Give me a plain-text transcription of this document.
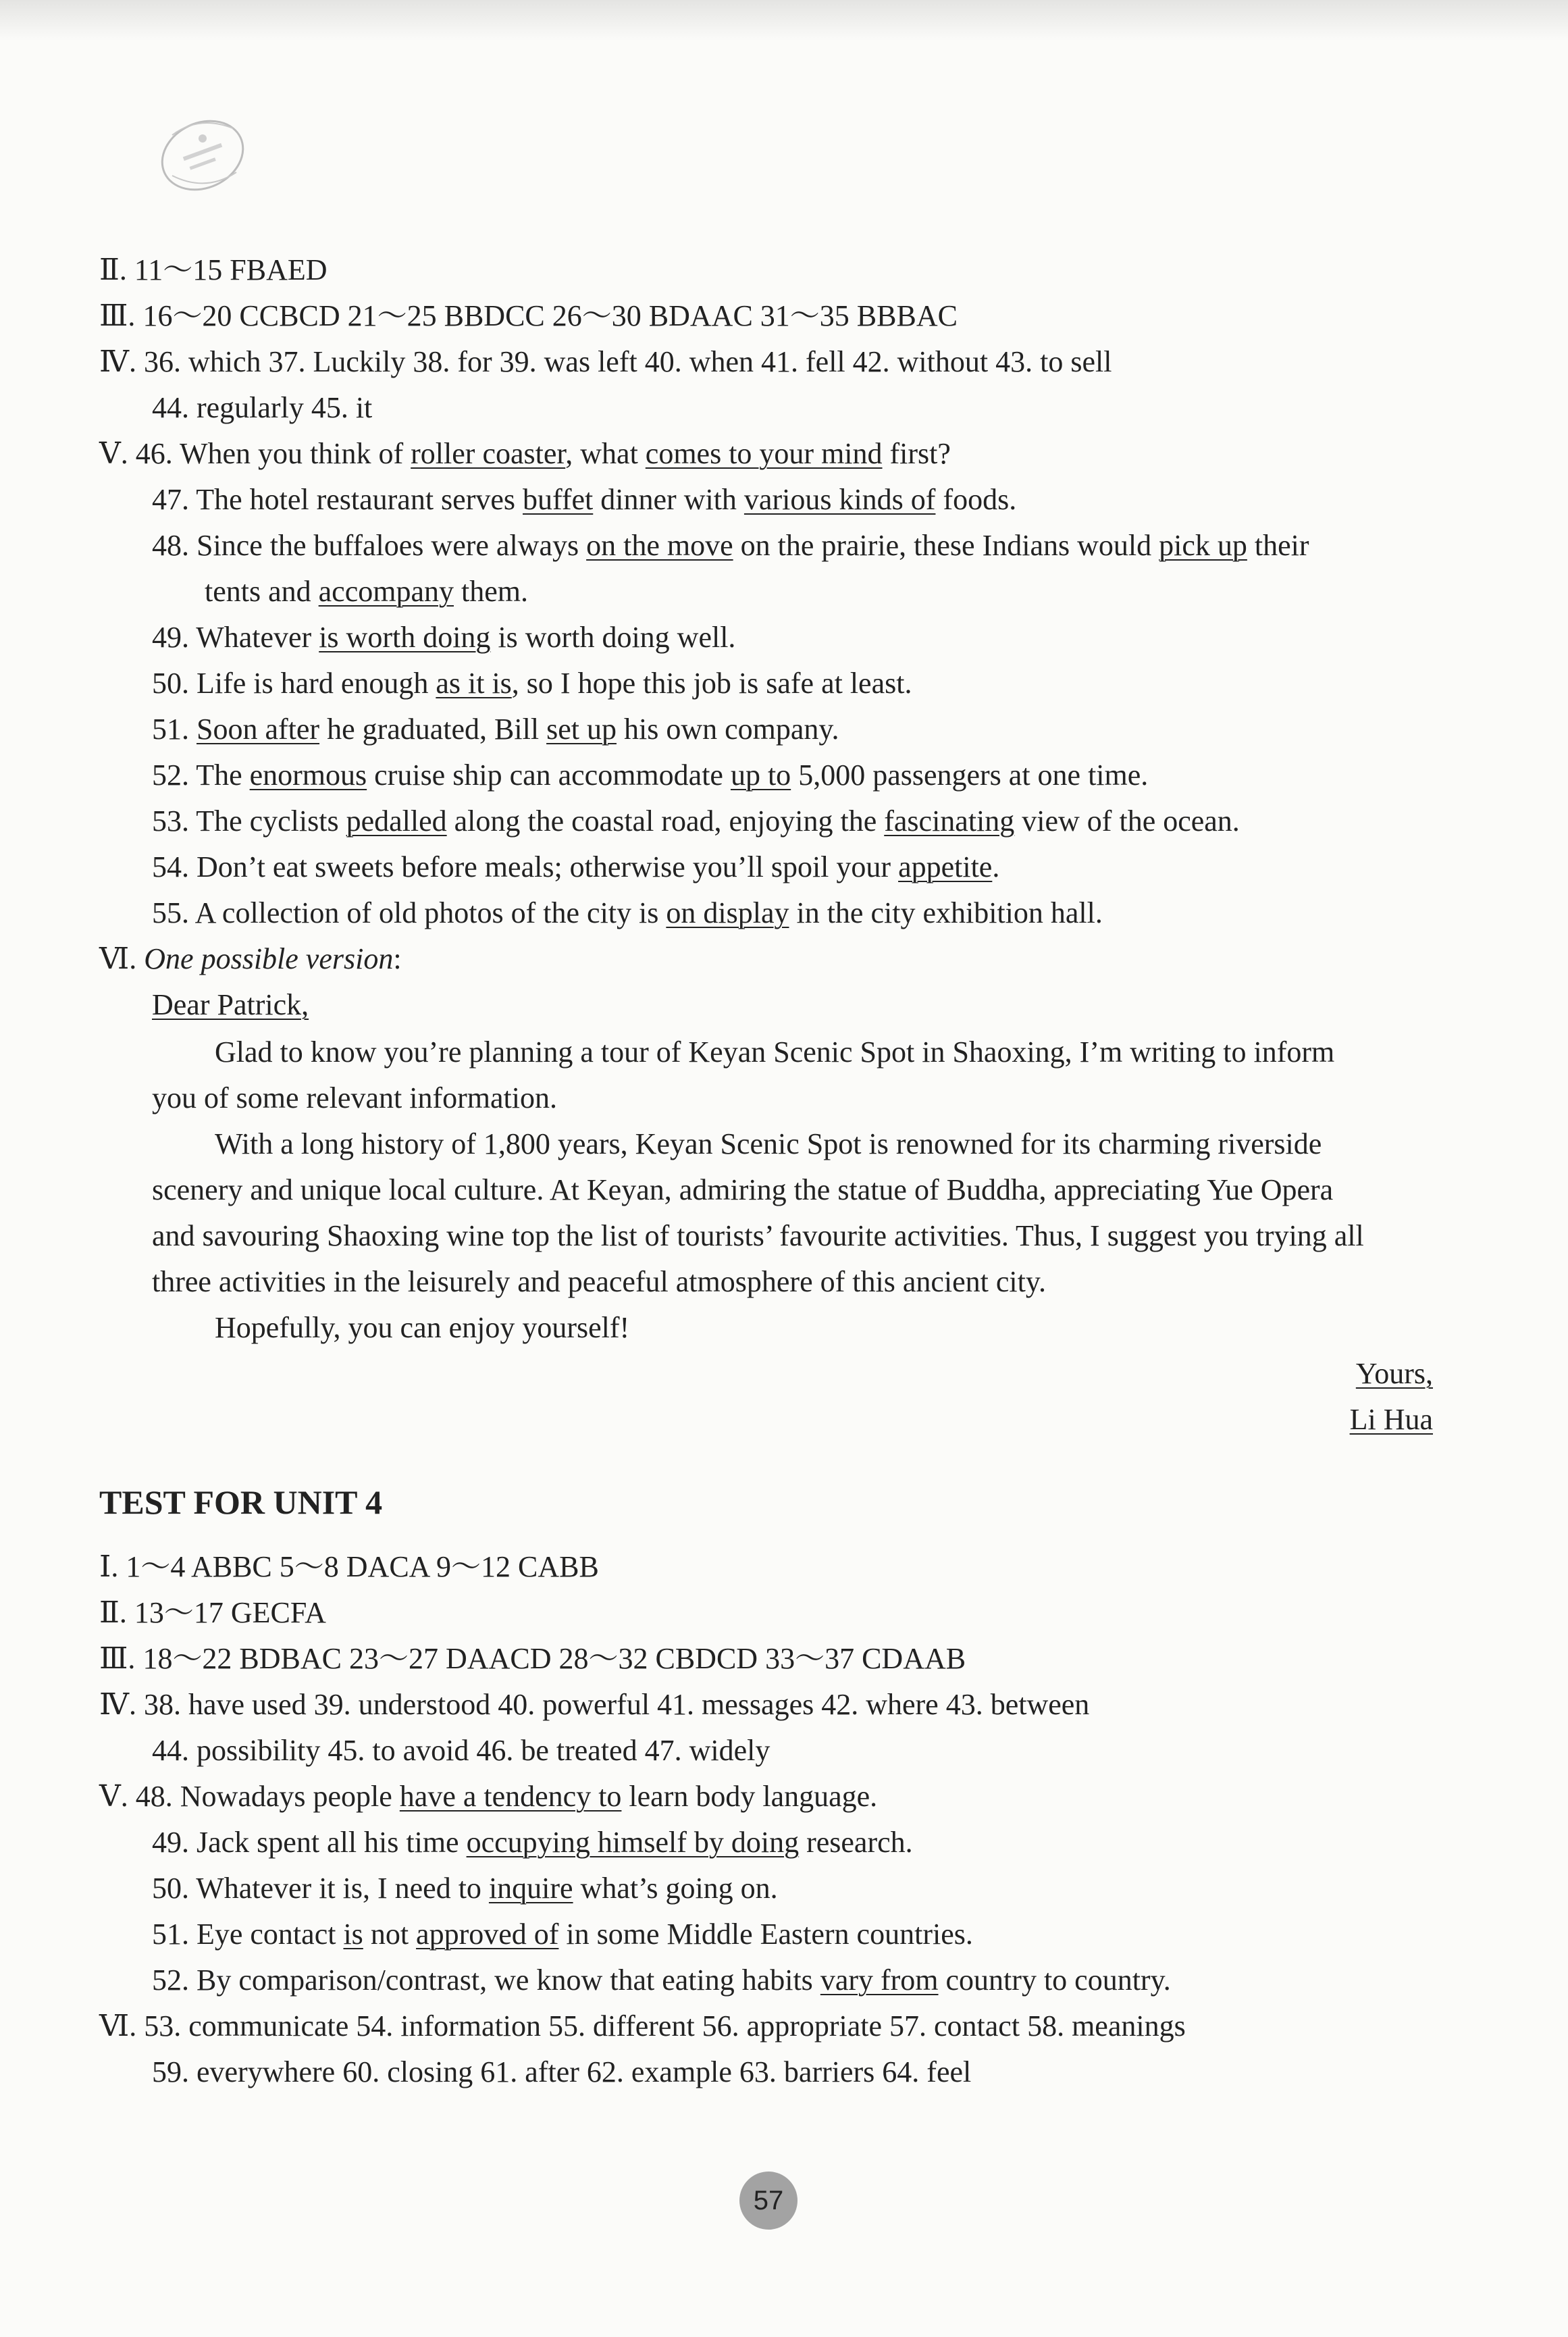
Ⅱ. 11～15 FBAED
Ⅲ. 16～20 CCBCD 21～25 BBDCC 26～30 BDAAC 31～35 BBBAC
Ⅳ. 36. which 37. Luckily 38. for 39. was left 40. when 41. fell 42. without 43. to sell
44. regularly 45. it
Ⅴ. 46. When you think of roller coaster, what comes to your mind first?
47. The hotel restaurant serves buffet dinner with various kinds of foods.
48. Since the buffaloes were always on the move on the prairie, these Indians would pick up their
tents and accompany them.
49. Whatever is worth doing is worth doing well.
50. Life is hard enough as it is, so I hope this job is safe at least.
51. Soon after he graduated, Bill set up his own company.
52. The enormous cruise ship can accommodate up to 5,000 passengers at one time.
53. The cyclists pedalled along the coastal road, enjoying the fascinating view of the ocean.
54. Don’t eat sweets before meals; otherwise you’ll spoil your appetite.
55. A collection of old photos of the city is on display in the city exhibition hall.
Ⅵ. One possible version:
Dear Patrick,
Glad to know you’re planning a tour of Keyan Scenic Spot in Shaoxing, I’m writing to inform
you of some relevant information.
With a long history of 1,800 years, Keyan Scenic Spot is renowned for its charming riverside
scenery and unique local culture. At Keyan, admiring the statue of Buddha, appreciating Yue Opera
and savouring Shaoxing wine top the list of tourists’ favourite activities. Thus, I suggest you trying all
three activities in the leisurely and peaceful atmosphere of this ancient city.
Hopefully, you can enjoy yourself!
Yours,
Li Hua
TEST FOR UNIT 4
Ⅰ. 1～4 ABBC 5～8 DACA 9～12 CABB
Ⅱ. 13～17 GECFA
Ⅲ. 18～22 BDBAC 23～27 DAACD 28～32 CBDCD 33～37 CDAAB
Ⅳ. 38. have used 39. understood 40. powerful 41. messages 42. where 43. between
44. possibility 45. to avoid 46. be treated 47. widely
Ⅴ. 48. Nowadays people have a tendency to learn body language.
49. Jack spent all his time occupying himself by doing research.
50. Whatever it is, I need to inquire what’s going on.
51. Eye contact is not approved of in some Middle Eastern countries.
52. By comparison/contrast, we know that eating habits vary from country to country.
Ⅵ. 53. communicate 54. information 55. different 56. appropriate 57. contact 58. meanings
59. everywhere 60. closing 61. after 62. example 63. barriers 64. feel
57
